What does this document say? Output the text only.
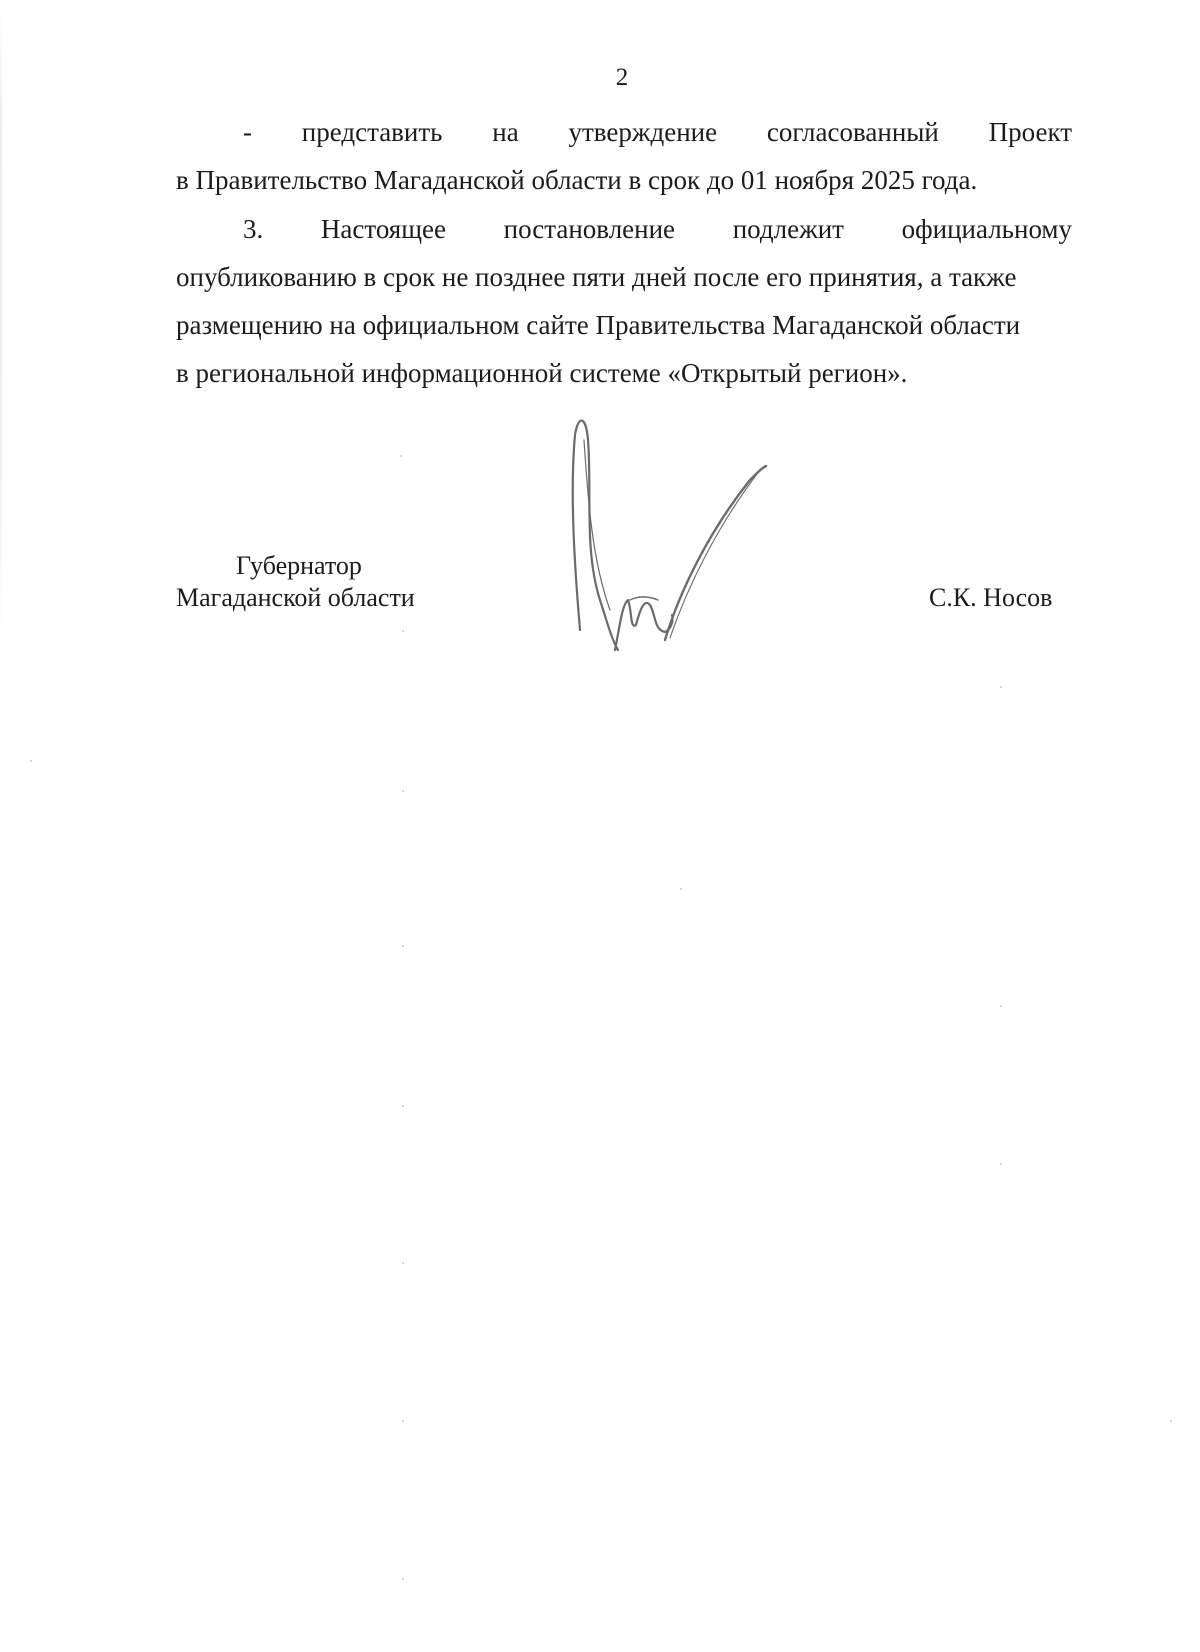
2
- представить на утверждение согласованный Проект
в Правительство Магаданской области в срок до 01 ноября 2025 года.
3. Настоящее постановление подлежит официальному
опубликованию в срок не позднее пяти дней после его принятия, а также
размещению на официальном сайте Правительства Магаданской области
в региональной информационной системе «Открытый регион».
Губернатор
Магаданской области	С.К. Носов
